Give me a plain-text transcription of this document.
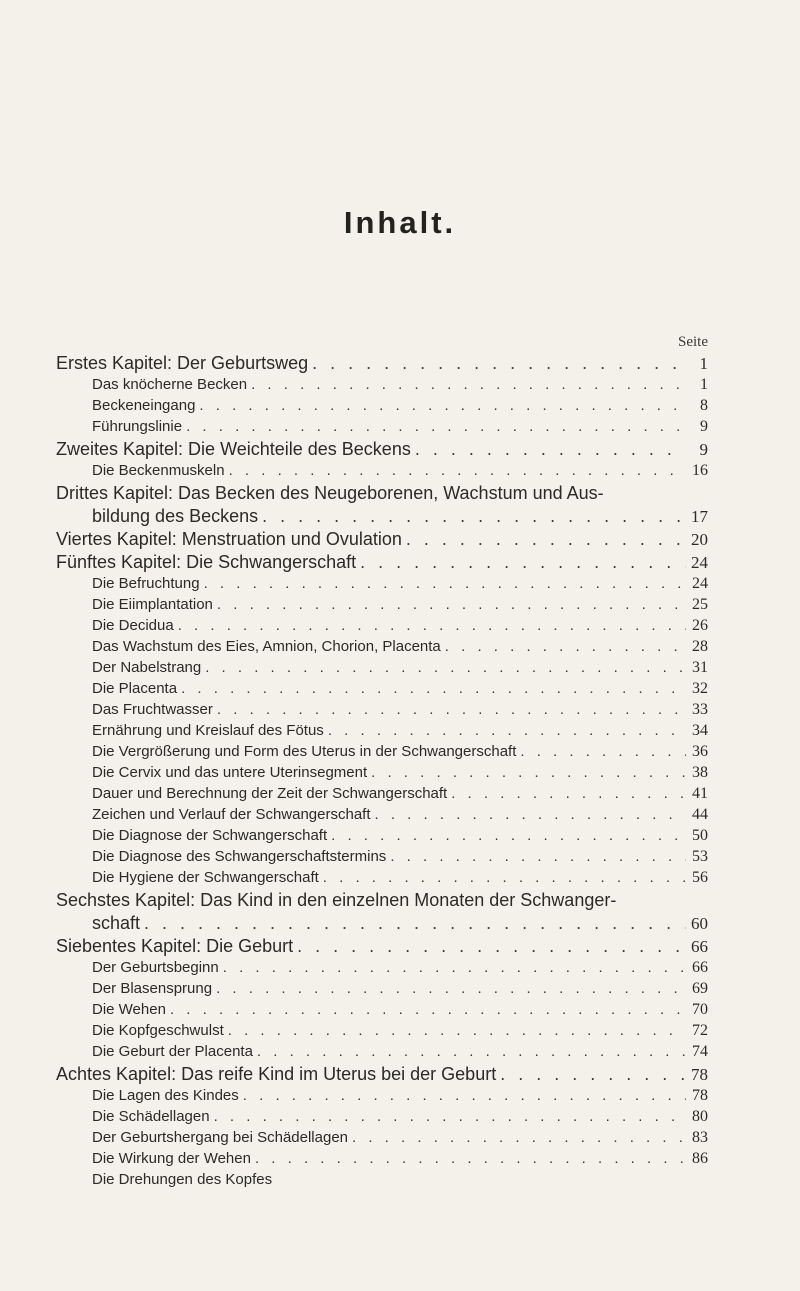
Inhalt.
Seite
Erstes Kapitel: Der Geburtsweg . . .	1
Das knöcherne Becken . . .	1
Beckeneingang . . .	8
Führungslinie . . .	9
Zweites Kapitel: Die Weichteile des Beckens . . .	9
Die Beckenmuskeln . . .	16
Drittes Kapitel: Das Becken des Neugeborenen, Wachstum und Aus-
bildung des Beckens . . .	17
Viertes Kapitel: Menstruation und Ovulation . . .	20
Fünftes Kapitel: Die Schwangerschaft . . .	24
Die Befruchtung . . .	24
Die Eiimplantation . . .	25
Die Decidua . . .	26
Das Wachstum des Eies, Amnion, Chorion, Placenta . . .	28
Der Nabelstrang . . .	31
Die Placenta . . .	32
Das Fruchtwasser . . .	33
Ernährung und Kreislauf des Fötus . . .	34
Die Vergrößerung und Form des Uterus in der Schwangerschaft . . .	36
Die Cervix und das untere Uterinsegment . . .	38
Dauer und Berechnung der Zeit der Schwangerschaft . . .	41
Zeichen und Verlauf der Schwangerschaft . . .	44
Die Diagnose der Schwangerschaft . . .	50
Die Diagnose des Schwangerschaftstermins . . .	53
Die Hygiene der Schwangerschaft . . .	56
Sechstes Kapitel: Das Kind in den einzelnen Monaten der Schwanger-
schaft . . .	60
Siebentes Kapitel: Die Geburt . . .	66
Der Geburtsbeginn . . .	66
Der Blasensprung . . .	69
Die Wehen . . .	70
Die Kopfgeschwulst . . .	72
Die Geburt der Placenta . . .	74
Achtes Kapitel: Das reife Kind im Uterus bei der Geburt . . .	78
Die Lagen des Kindes . . .	78
Die Schädellagen . . .	80
Der Geburtshergang bei Schädellagen . . .	83
Die Wirkung der Wehen . . .	86
Die Drehungen des Kopfes
